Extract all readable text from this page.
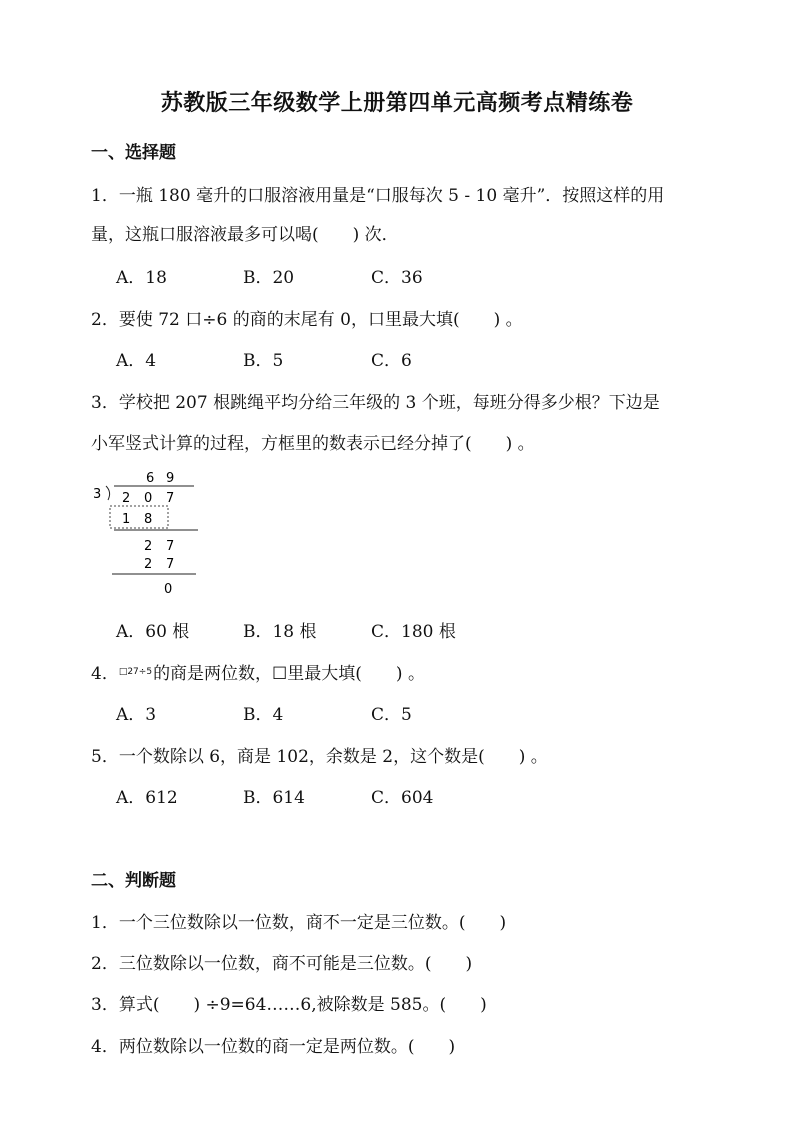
苏教版三年级数学上册第四单元高频考点精练卷
一、选择题
1．一瓶 180 毫升的口服溶液用量是“口服每次 5 - 10 毫升”．按照这样的用
量，这瓶口服溶液最多可以喝(　　) 次．
A．18	B．20	C．36
2．要使 72 口÷6 的商的末尾有 0，口里最大填(　　) 。
A．4	B．5	C．6
3．学校把 207 根跳绳平均分给三年级的 3 个班，每班分得多少根？下边是
小军竖式计算的过程，方框里的数表示已经分掉了(　　) 。
6 9
3 2 0 7
1 8
2 7
2 7
0
A．60 根	B．18 根	C．180 根
4．□27÷5的商是两位数，☐里最大填(　　) 。
A．3	B．4	C．5
5．一个数除以 6，商是 102，余数是 2，这个数是(　　) 。
A．612	B．614	C．604
二、判断题
1．一个三位数除以一位数，商不一定是三位数。(　　)
2．三位数除以一位数，商不可能是三位数。(　　)
3．算式(　　) ÷9=64……6,被除数是 585。(　　)
4．两位数除以一位数的商一定是两位数。(　　)
